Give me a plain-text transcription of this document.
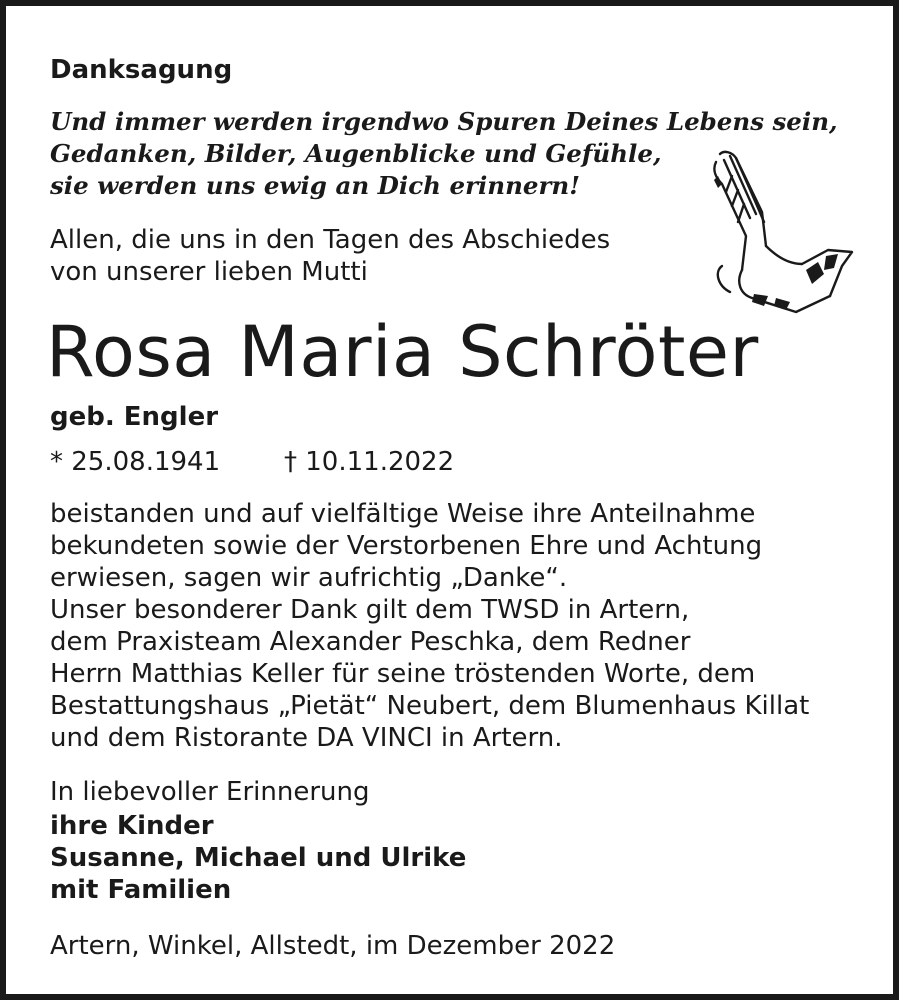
Danksagung
Und immer werden irgendwo Spuren Deines Lebens sein,
Gedanken, Bilder, Augenblicke und Gefühle,
sie werden uns ewig an Dich erinnern!
Allen, die uns in den Tagen des Abschiedes
von unserer lieben Mutti
Rosa Maria Schröter
geb. Engler
* 25.08.1941 † 10.11.2022
beistanden und auf vielfältige Weise ihre Anteilnahme
bekundeten sowie der Verstorbenen Ehre und Achtung
erwiesen, sagen wir aufrichtig „Danke“.
Unser besonderer Dank gilt dem TWSD in Artern,
dem Praxisteam Alexander Peschka, dem Redner
Herrn Matthias Keller für seine tröstenden Worte, dem
Bestattungshaus „Pietät“ Neubert, dem Blumenhaus Killat
und dem Ristorante DA VINCI in Artern.
In liebevoller Erinnerung
ihre Kinder
Susanne, Michael und Ulrike
mit Familien
Artern, Winkel, Allstedt, im Dezember 2022
